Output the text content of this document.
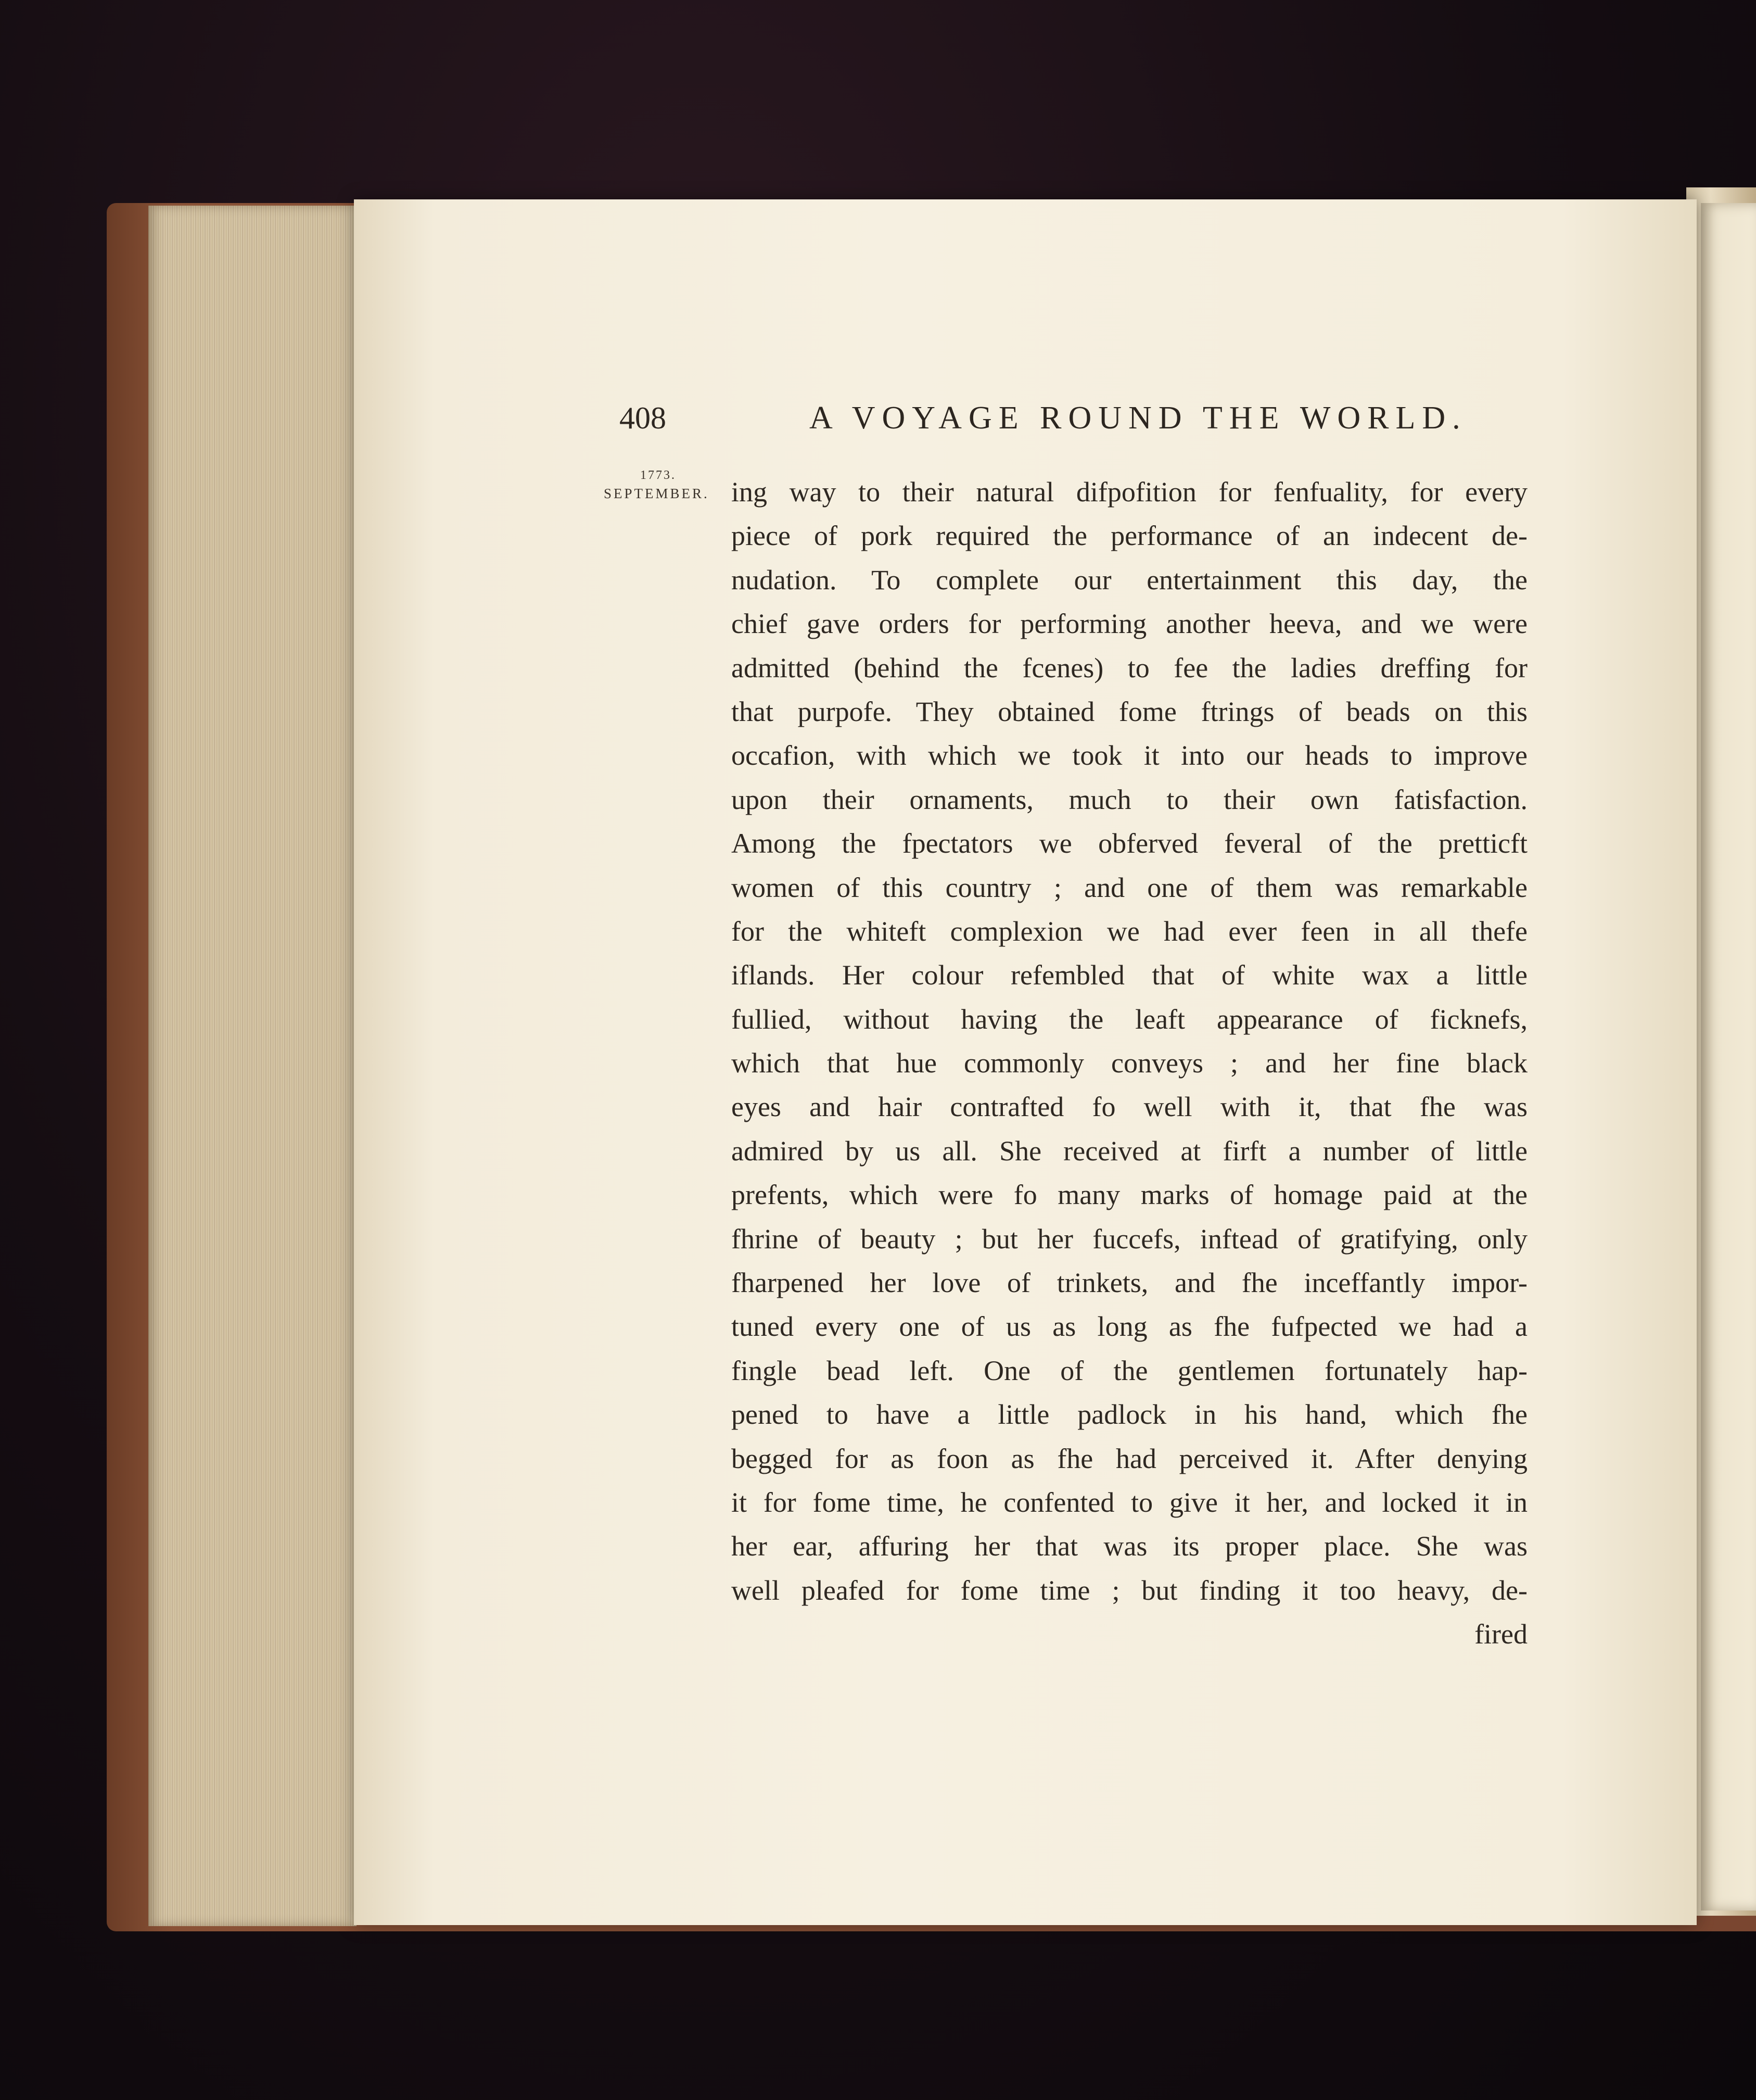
408	A VOYAGE ROUND THE WORLD.
1773.
SEPTEMBER. ing way to their natural difpofition for fenfuality, for every
piece of pork required the performance of an indecent de-
nudation. To complete our entertainment this day, the
chief gave orders for performing another heeva, and we were
admitted (behind the fcenes) to fee the ladies dreffing for
that purpofe. They obtained fome ftrings of beads on this
occafion, with which we took it into our heads to improve
upon their ornaments, much to their own fatisfaction.
Among the fpectators we obferved feveral of the pretticft
women of this country ; and one of them was remarkable
for the whiteft complexion we had ever feen in all thefe
iflands. Her colour refembled that of white wax a little
fullied, without having the leaft appearance of ficknefs,
which that hue commonly conveys ; and her fine black
eyes and hair contrafted fo well with it, that fhe was
admired by us all. She received at firft a number of little
prefents, which were fo many marks of homage paid at the
fhrine of beauty ; but her fuccefs, inftead of gratifying, only
fharpened her love of trinkets, and fhe inceffantly impor-
tuned every one of us as long as fhe fufpected we had a
fingle bead left. One of the gentlemen fortunately hap-
pened to have a little padlock in his hand, which fhe
begged for as foon as fhe had perceived it. After denying
it for fome time, he confented to give it her, and locked it in
her ear, affuring her that was its proper place. She was
well pleafed for fome time ; but finding it too heavy, de-
fired
